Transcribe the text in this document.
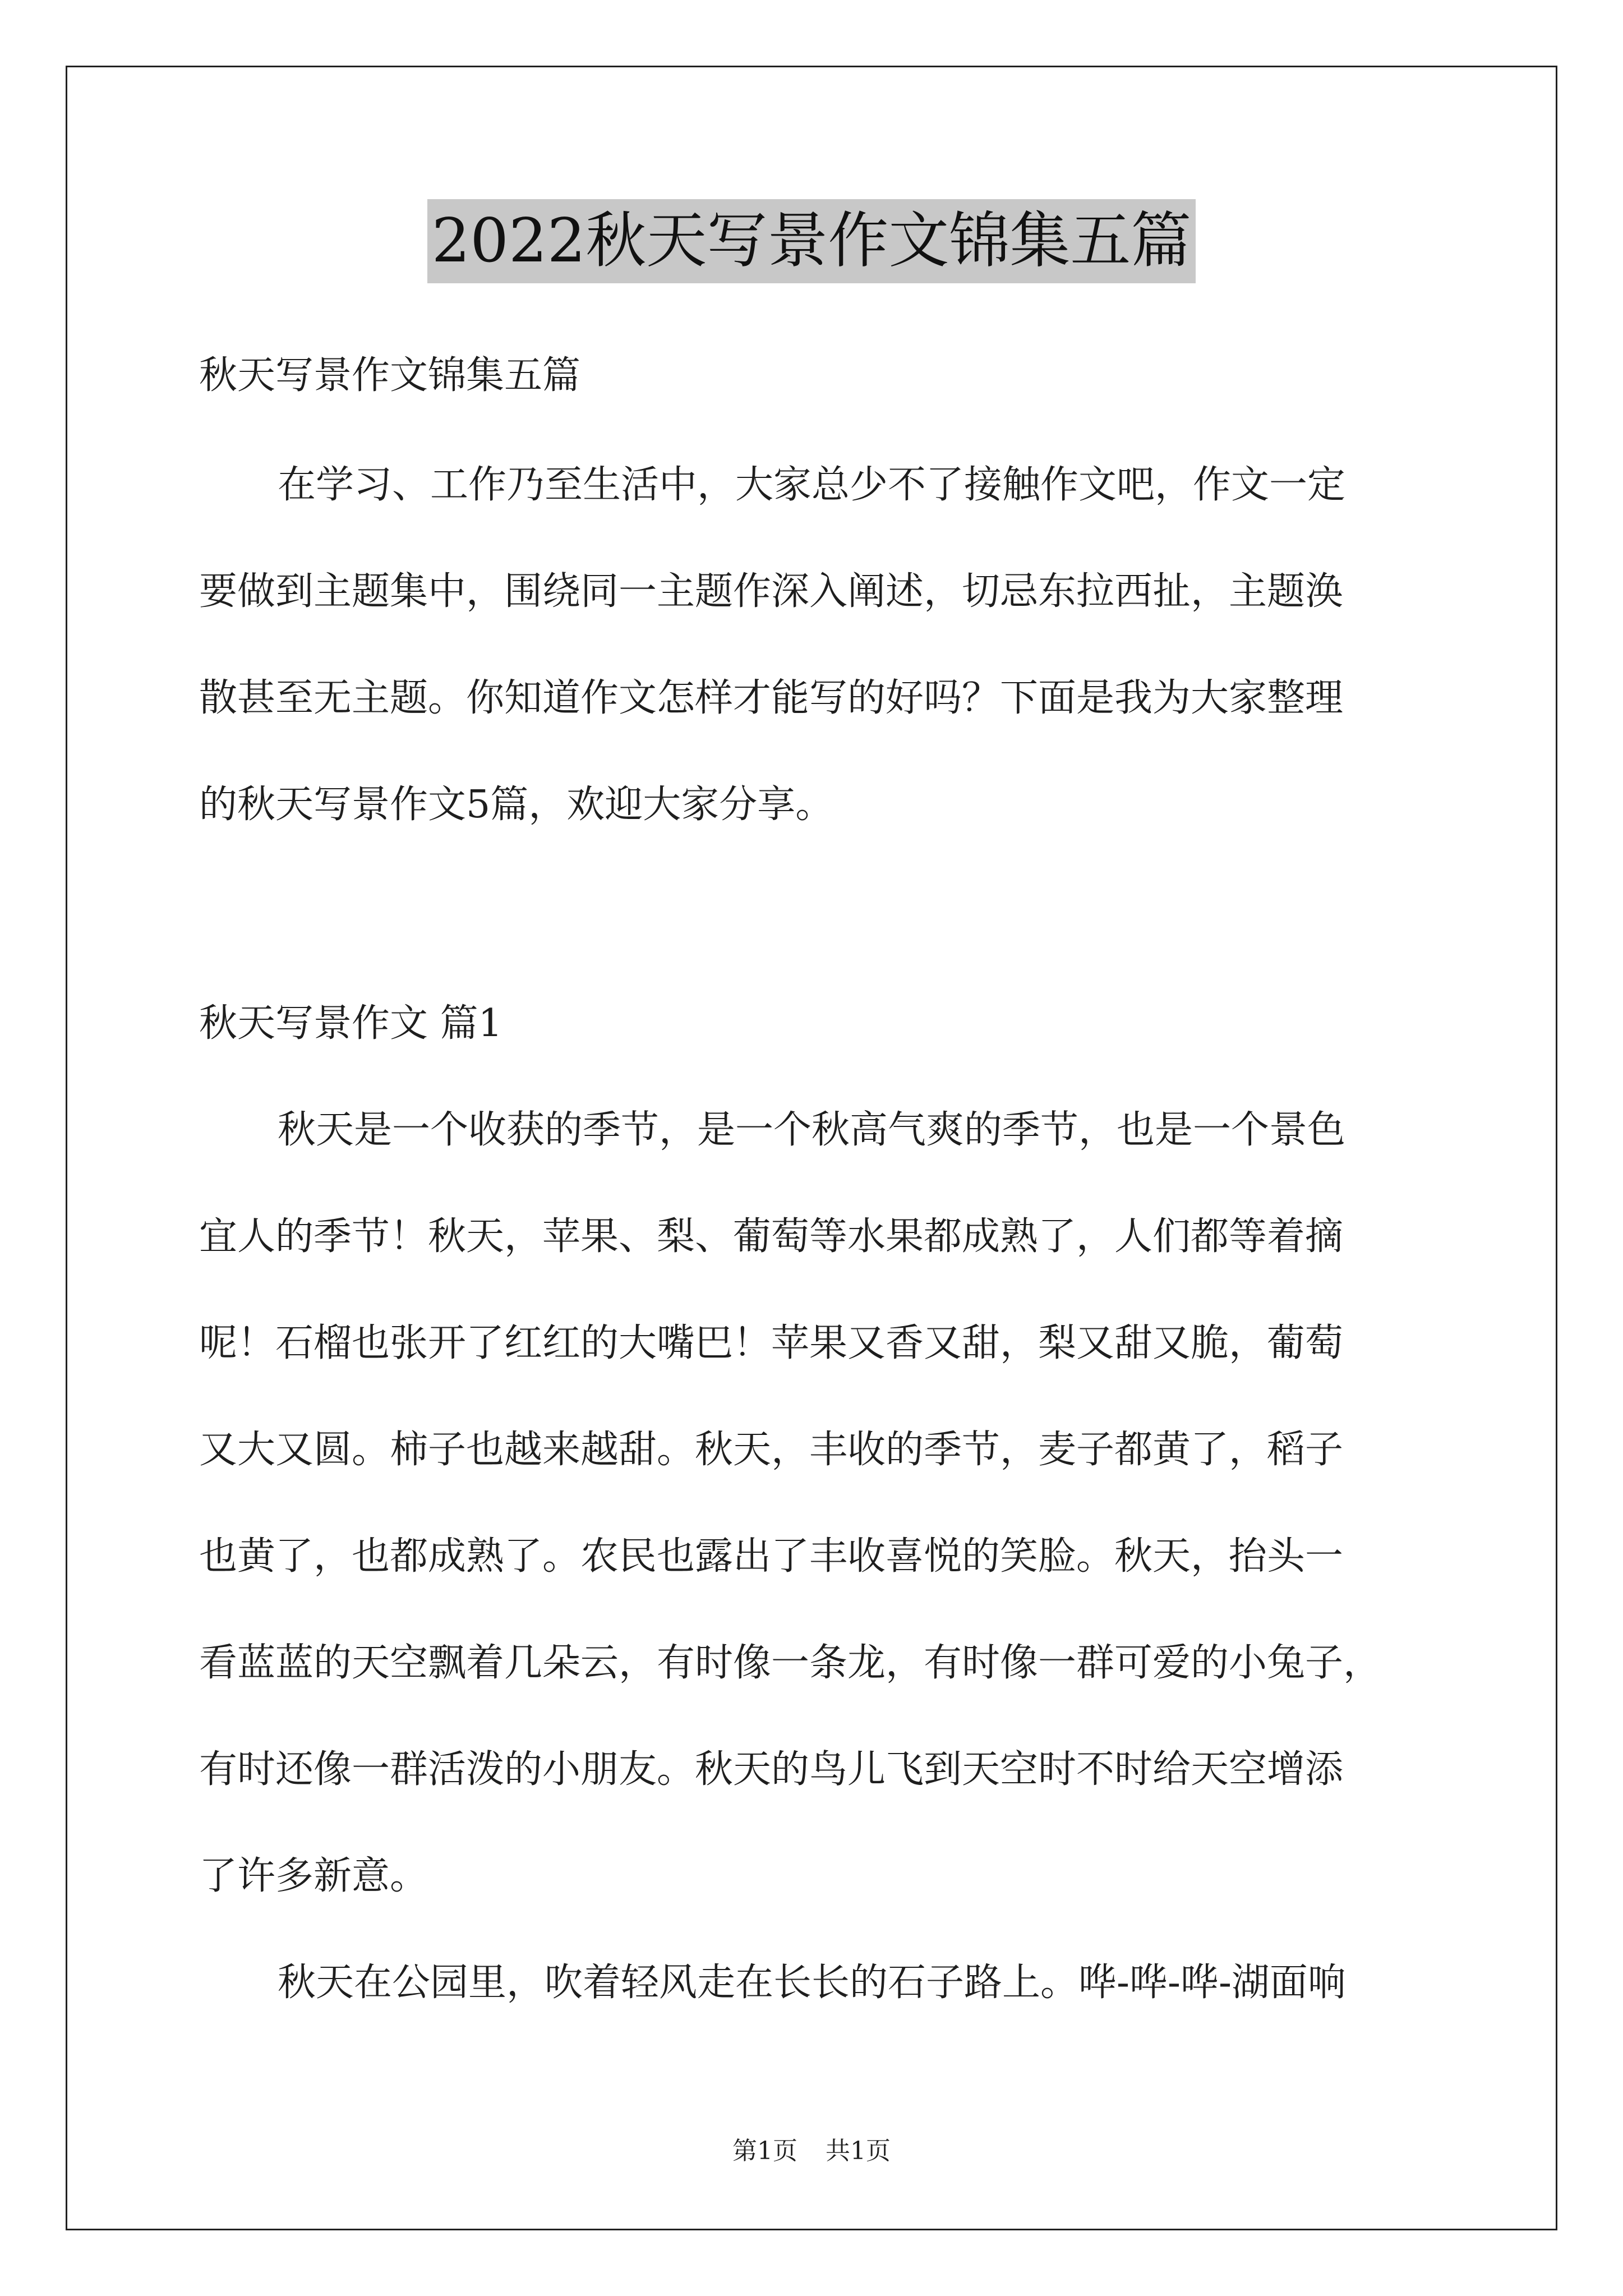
2022秋天写景作文锦集五篇
秋天写景作文锦集五篇
在学习、工作乃至生活中，大家总少不了接触作文吧，作文一定
要做到主题集中，围绕同一主题作深入阐述，切忌东拉西扯，主题涣
散甚至无主题。你知道作文怎样才能写的好吗？下面是我为大家整理
的秋天写景作文5篇，欢迎大家分享。
秋天写景作文 篇1
秋天是一个收获的季节，是一个秋高气爽的季节，也是一个景色
宜人的季节！秋天，苹果、梨、葡萄等水果都成熟了，人们都等着摘
呢！石榴也张开了红红的大嘴巴！苹果又香又甜，梨又甜又脆，葡萄
又大又圆。柿子也越来越甜。秋天，丰收的季节，麦子都黄了，稻子
也黄了，也都成熟了。农民也露出了丰收喜悦的笑脸。秋天，抬头一
看蓝蓝的天空飘着几朵云，有时像一条龙，有时像一群可爱的小兔子，
有时还像一群活泼的小朋友。秋天的鸟儿飞到天空时不时给天空增添
了许多新意。
秋天在公园里，吹着轻风走在长长的石子路上。哗-哗-哗-湖面响
第1页 共1页
